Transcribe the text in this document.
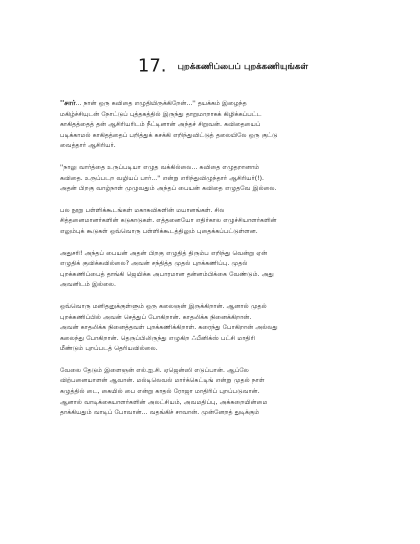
17. புறக்கணிப்பைப் புறக்கணியுங்கள்
''சார்... நான் ஒரு கவிதை எழுதியிருக்கிறேன்...'' தயக்கம் இழைந்த
மகிழ்ச்சியுடன் நோட்டுப் புத்தகத்தில் இருந்து தாறுமாறாகக் கிழிக்கப்பட்ட
காகிதத்தைத் தன் ஆசிரியரிடம் நீட்டினான் அந்தச் சிறுவன். கவிதையைப்
படிக்காமல் காகிதத்தைப் பறித்துக் கசக்கி எறிந்துவிட்டுத் தலையிலே ஒரு குட்டு
வைத்தார் ஆசிரியர்.
''நாலு வார்த்தை உருப்படியா எழுத வக்கில்லை... கவிதை எழுதறானாம்
கவிதை. உருப்படற வழியப் பார்...'' என்று எரிந்துவிழுந்தார் ஆசிரியர்(!).
அதன் பிறகு வாழ்நாள் முழுவதும் அந்தப் பையன் கவிதை எழுதவே இல்லை.
பல நூறு பள்ளிக்கூடங்கள் மகாகவிகளின் மயானங்கள். சில
சித்தனைமானர்களின் கடுகாடுகள். எத்தனையோ எதிர்கால எழுச்சியாளர்களின்
எலும்புக் கூடுகள் ஒவ்வொரு பள்ளிக்கூடத்திலும் புதைக்கப்பட்டுள்ளன.
அதுசரி! அந்தப் பையன் அதன் பிறகு எழுதித் திரும்ப எறிந்து வென்று ஏன்
எழுதிக் குவிக்கவில்லை? அவன் சந்தித்த முதல் புறக்கணிப்பு. முதல்
புறக்கணிப்பைத் தாங்கி ஜெயிக்க அபாரமான தன்னம்பிக்கை வேண்டும். அது
அவனிடம் இல்லை.
ஒவ்வொரு மனிதனுக்குள்ளும் ஒரு கலைஞன் இருக்கிறான். ஆனால் முதல்
புறக்கணிப்பில் அவன் செத்துப் போகிறான். காதலிக்க நினைக்கிறான்.
அவன் காதலிக்க நினைத்தவள் புறக்கணிக்கிறாள். கரைந்து போகிறான் அல்லது
கலைந்து போகிறான். தெருப்பிலிருந்து எழுகிற ஃபீனிக்ஸ் பட்சி மாதிரி
மீண்டும் புறப்படத் தெரியவில்லை.
வேலை தேடும் இளைஞன் எல்.ஐ.சி. ஏஜென்ஸி எடுப்பான். ஆப்லே
விற்பனையாளன் ஆவான். மல்டிலெவல் மார்க்கெட்டிங் என்று முதல் நாள்
கழுத்தில் டை, கையில் பை என்று காதல் ரோஜா மாதிரிப் புறப்படுவான்.
ஆனால் வாடிக்கையாளர்களின் அலட்சியம், அவமதிப்பு, அக்கறையின்மை
தாக்கியதும் வாடிப் போவான்... வதங்கிச் சாவான். முன்னேறத் துடிக்கும்
